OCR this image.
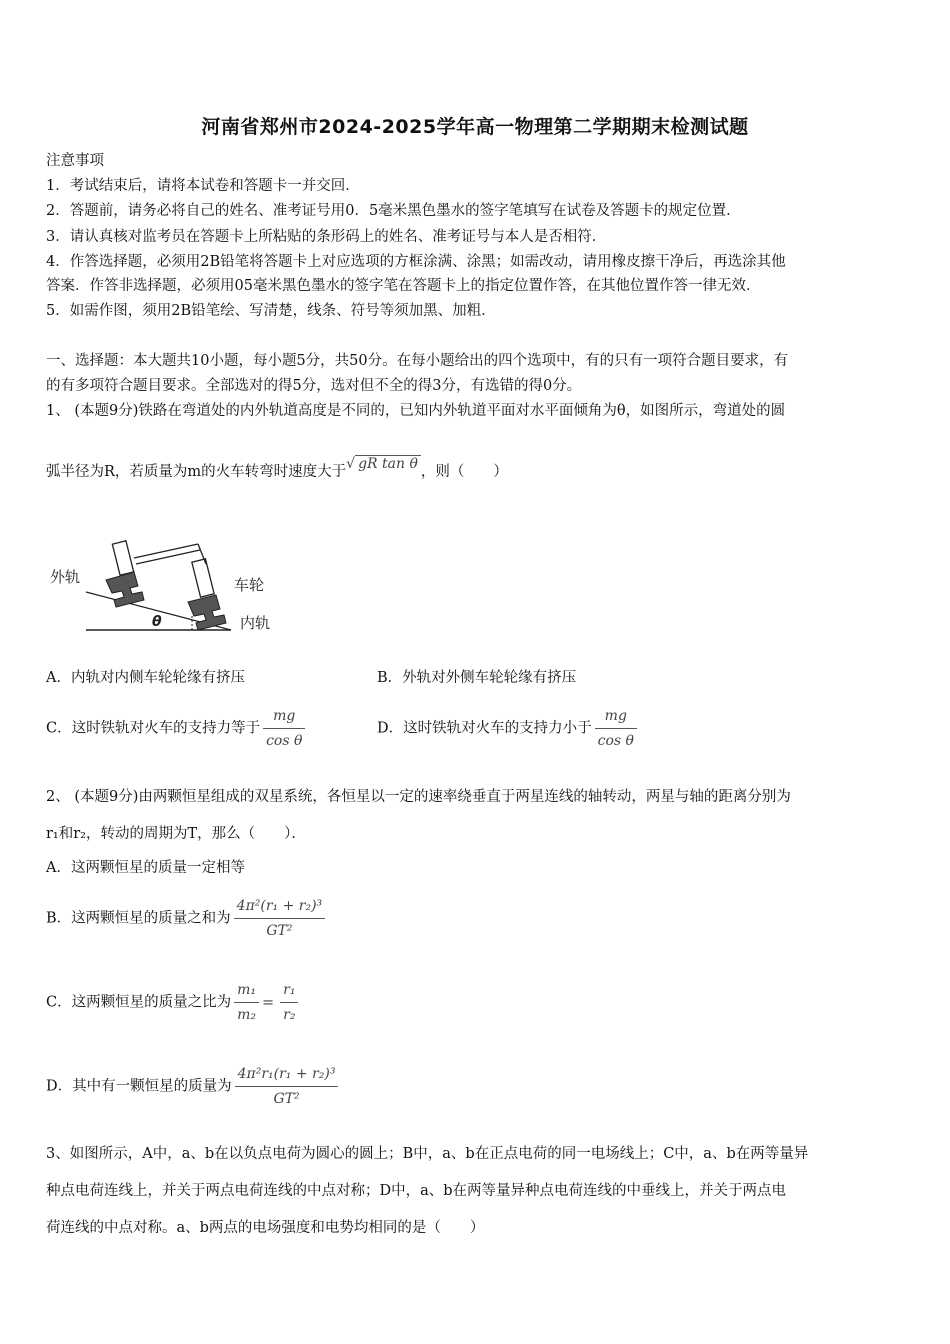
河南省郑州市2024-2025学年高一物理第二学期期末检测试题
注意事项
1．考试结束后，请将本试卷和答题卡一并交回．
2．答题前，请务必将自己的姓名、准考证号用0．5毫米黑色墨水的签字笔填写在试卷及答题卡的规定位置．
3．请认真核对监考员在答题卡上所粘贴的条形码上的姓名、准考证号与本人是否相符．
4．作答选择题，必须用2B铅笔将答题卡上对应选项的方框涂满、涂黑；如需改动，请用橡皮擦干净后，再选涂其他
答案．作答非选择题，必须用05毫米黑色墨水的签字笔在答题卡上的指定位置作答，在其他位置作答一律无效．
5．如需作图，须用2B铅笔绘、写清楚，线条、符号等须加黑、加粗．
一、选择题：本大题共10小题，每小题5分，共50分。在每小题给出的四个选项中，有的只有一项符合题目要求，有
的有多项符合题目要求。全部选对的得5分，选对但不全的得3分，有选错的得0分。
1、 (本题9分)铁路在弯道处的内外轨道高度是不同的，已知内外轨道平面对水平面倾角为θ，如图所示，弯道处的圆
弧半径为R，若质量为m的火车转弯时速度大于√ gR tan θ ，则（　　）
外轨	车轮
内轨
θ
A．内轨对内侧车轮轮缘有挤压	B．外轨对外侧车轮轮缘有挤压
C．这时铁轨对火车的支持力等于 $\frac{mg}{\text{cos θ}}$	D．这时铁轨对火车的支持力小于 $\frac{mg}{\text{cos θ}}$
2、 (本题9分)由两颗恒星组成的双星系统，各恒星以一定的速率绕垂直于两星连线的轴转动，两星与轴的距离分别为
r₁和r₂，转动的周期为T，那么（　　）．
A．这两颗恒星的质量一定相等
B．这两颗恒星的质量之和为 $\frac{\text{4π²(r₁ + r₂)³}}{\text{GT²}}$
C．这两颗恒星的质量之比为 $\frac{\text{m₁}}{\text{m₂}} = \frac{\text{r₁}}{\text{r₂}}$
D．其中有一颗恒星的质量为 $\frac{\text{4π²r₁(r₁ + r₂)³}}{\text{GT²}}$
3、如图所示，A中，a、b在以负点电荷为圆心的圆上；B中，a、b在正点电荷的同一电场线上；C中，a、b在两等量异
种点电荷连线上，并关于两点电荷连线的中点对称；D中，a、b在两等量异种点电荷连线的中垂线上，并关于两点电
荷连线的中点对称。a、b两点的电场强度和电势均相同的是（　　）
